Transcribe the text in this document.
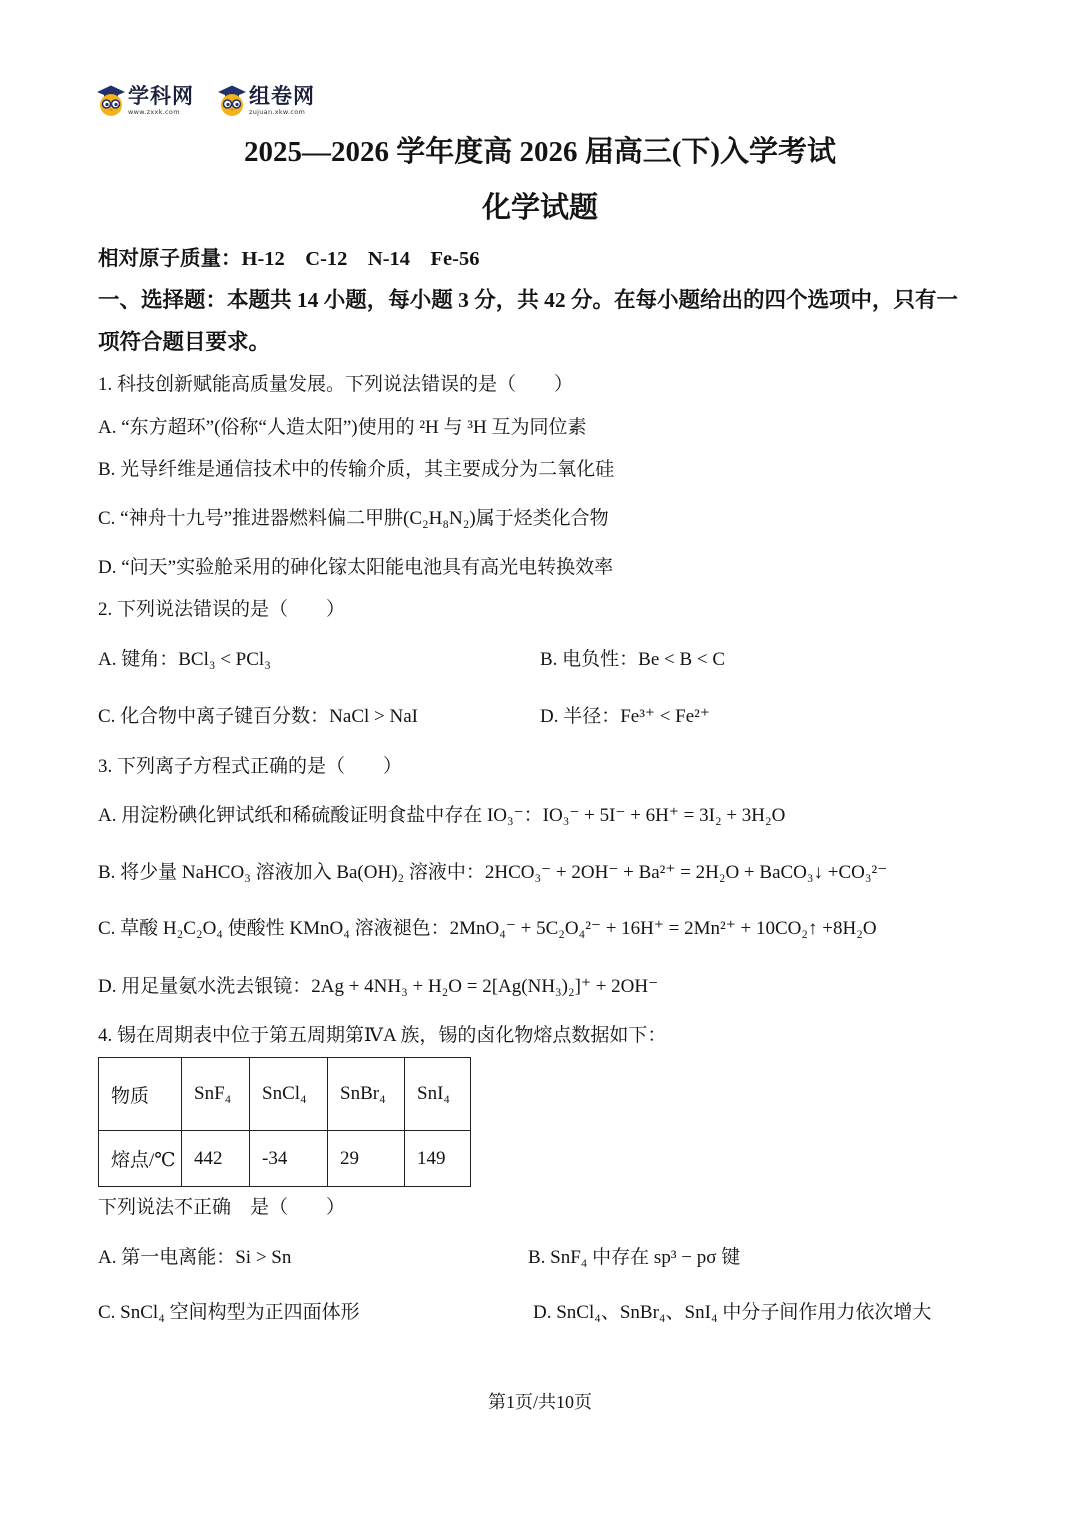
学科网
www.zxxk.com
组卷网
zujuan.xkw.com
2025—2026 学年度高 2026 届高三(下)入学考试
化学试题
相对原子质量：H-12　C-12　N-14　Fe-56
一、选择题：本题共 14 小题，每小题 3 分，共 42 分。在每小题给出的四个选项中，只有一
项符合题目要求。
1. 科技创新赋能高质量发展。下列说法错误的是（　　）
A. “东方超环”(俗称“人造太阳”)使用的 ²H 与 ³H 互为同位素
B. 光导纤维是通信技术中的传输介质，其主要成分为二氧化硅
C. “神舟十九号”推进器燃料偏二甲肼(C₂H₈N₂)属于烃类化合物
D. “问天”实验舱采用的砷化镓太阳能电池具有高光电转换效率
2. 下列说法错误的是（　　）
A. 键角：BCl₃ < PCl₃	B. 电负性：Be < B < C
C. 化合物中离子键百分数：NaCl > NaI	D. 半径：Fe³⁺ < Fe²⁺
3. 下列离子方程式正确的是（　　）
A. 用淀粉碘化钾试纸和稀硫酸证明食盐中存在 IO₃⁻：IO₃⁻ + 5I⁻ + 6H⁺ = 3I₂ + 3H₂O
B. 将少量 NaHCO₃ 溶液加入 Ba(OH)₂ 溶液中：2HCO₃⁻ + 2OH⁻ + Ba²⁺ = 2H₂O + BaCO₃↓ +CO₃²⁻
C. 草酸 H₂C₂O₄ 使酸性 KMnO₄ 溶液褪色：2MnO₄⁻ + 5C₂O₄²⁻ + 16H⁺ = 2Mn²⁺ + 10CO₂↑ +8H₂O
D. 用足量氨水洗去银镜：2Ag + 4NH₃ + H₂O = 2[Ag(NH₃)₂]⁺ + 2OH⁻
4. 锡在周期表中位于第五周期第ⅣA 族，锡的卤化物熔点数据如下：
物质	SnF₄	SnCl₄	SnBr₄	SnI₄
熔点/℃	442	-34	29	149
下列说法不正确　是（　　）
A. 第一电离能：Si > Sn	B. SnF₄ 中存在 sp³ − pσ 键
C. SnCl₄ 空间构型为正四面体形	D. SnCl₄、SnBr₄、SnI₄ 中分子间作用力依次增大
第1页/共10页
